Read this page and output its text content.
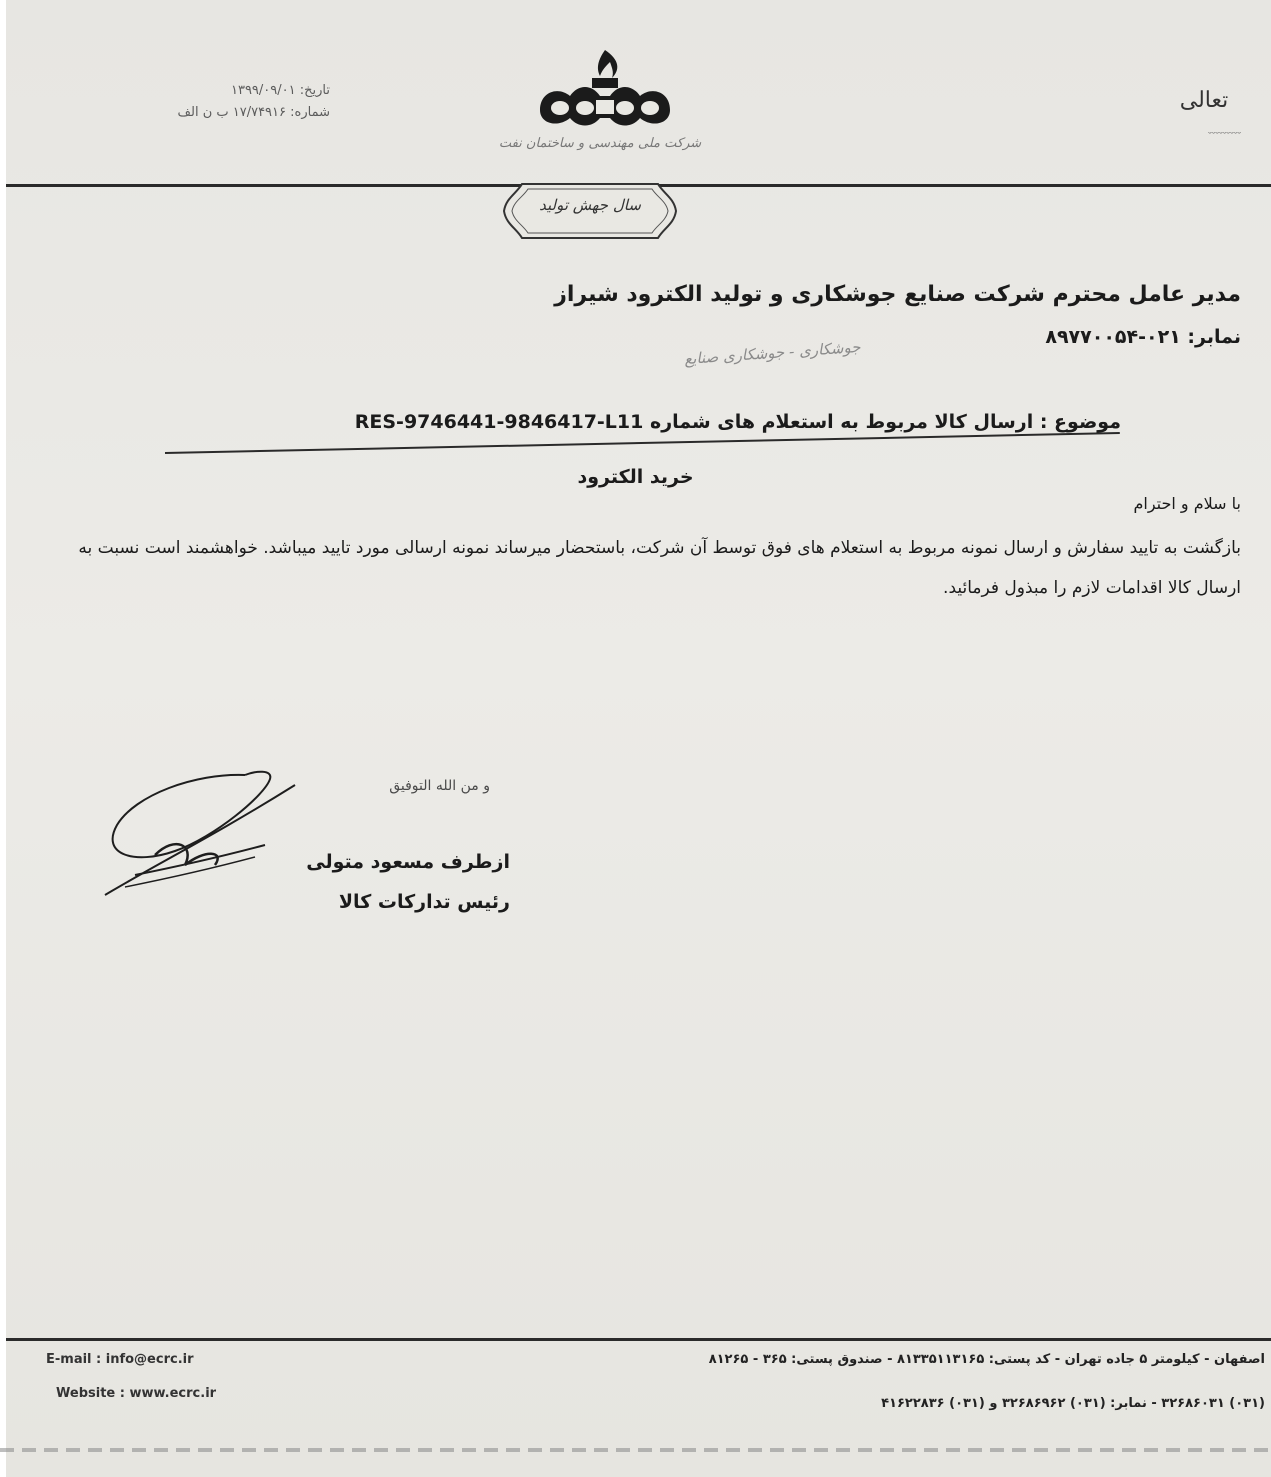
تعالی
﹏﹏﹏
تاریخ: ۱۳۹۹/۰۹/۰۱
شماره: ۱۷/۷۴۹۱۶ ب ن الف
شرکت ملی مهندسی و ساختمان نفت
سال جهش تولید
مدیر عامل محترم شرکت صنایع جوشکاری و تولید الکترود شیراز
نمابر: ۰۲۱-۸۹۷۷۰۰۵۴
جوشکاری - جوشکاری صنایع
موضوع : ارسال کالا مربوط به استعلام های شماره RES-9746441-9846417-L11
خرید الکترود
با سلام و احترام
بازگشت به تایید سفارش و ارسال نمونه مربوط به استعلام های فوق توسط آن شرکت، باستحضار میرساند نمونه ارسالی مورد تایید میباشد. خواهشمند است نسبت به ارسال کالا اقدامات لازم را مبذول فرمائید.
و من الله التوفیق
ازطرف مسعود متولی
رئیس تدارکات کالا
E-mail : info@ecrc.ir
Website : www.ecrc.ir
اصفهان - کیلومتر ۵ جاده تهران - کد پستی: ۸۱۳۳۵۱۱۳۱۶۵ - صندوق پستی: ۳۶۵ - ۸۱۲۶۵
(۰۳۱) ۳۲۶۸۶۰۳۱ - نمابر: (۰۳۱) ۳۲۶۸۶۹۶۲ و (۰۳۱) ۴۱۶۲۲۸۳۶
